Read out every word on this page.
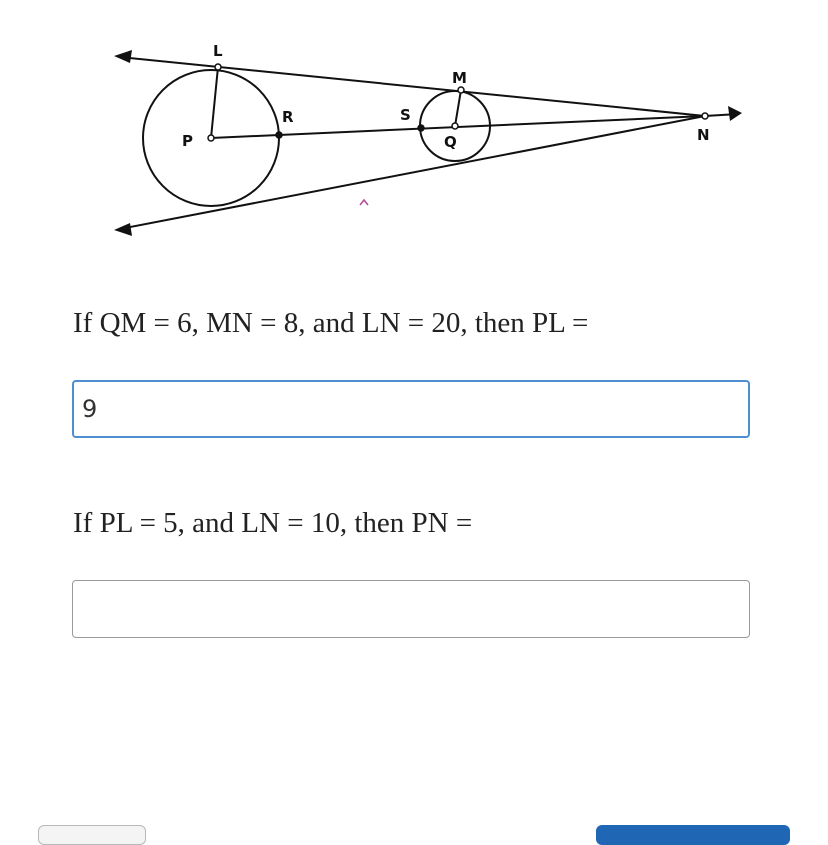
L
M
R	S
P	Q	N
If QM = 6, MN = 8, and LN = 20, then PL =
9
If PL = 5, and LN = 10, then PN =
